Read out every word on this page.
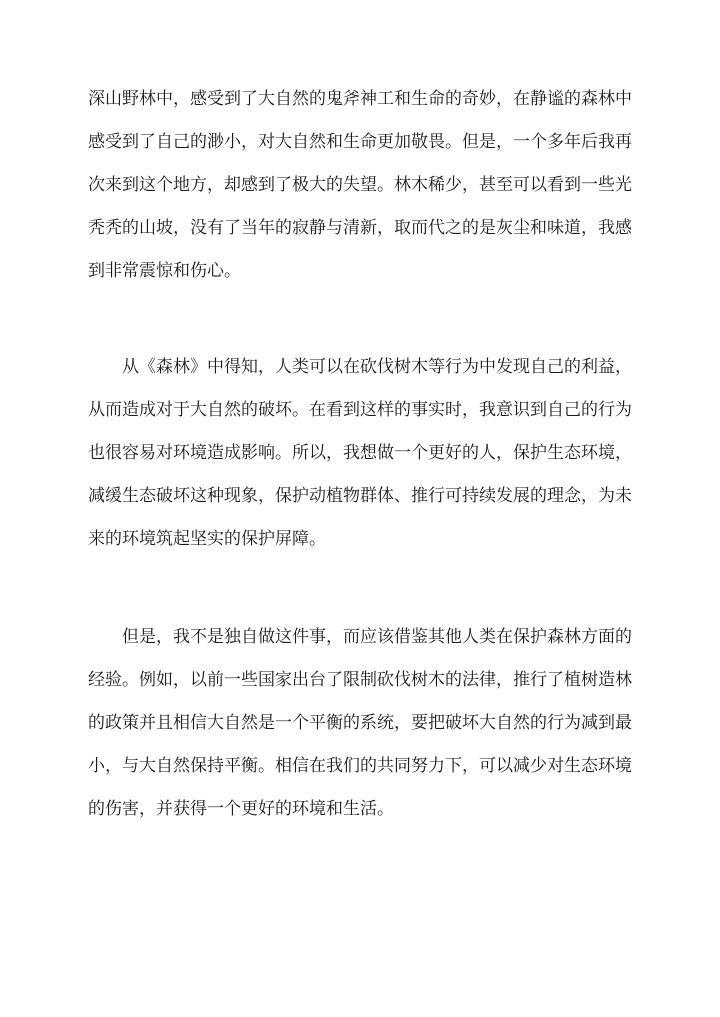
深山野林中，感受到了大自然的鬼斧神工和生命的奇妙，在静谧的森林中
感受到了自己的渺小，对大自然和生命更加敬畏。但是，一个多年后我再
次来到这个地方，却感到了极大的失望。林木稀少，甚至可以看到一些光
秃秃的山坡，没有了当年的寂静与清新，取而代之的是灰尘和味道，我感
到非常震惊和伤心。

从《森林》中得知，人类可以在砍伐树木等行为中发现自己的利益，
从而造成对于大自然的破坏。在看到这样的事实时，我意识到自己的行为
也很容易对环境造成影响。所以，我想做一个更好的人，保护生态环境，
减缓生态破坏这种现象，保护动植物群体、推行可持续发展的理念，为未
来的环境筑起坚实的保护屏障。

但是，我不是独自做这件事，而应该借鉴其他人类在保护森林方面的
经验。例如，以前一些国家出台了限制砍伐树木的法律，推行了植树造林
的政策并且相信大自然是一个平衡的系统，要把破坏大自然的行为减到最
小，与大自然保持平衡。相信在我们的共同努力下，可以减少对生态环境
的伤害，并获得一个更好的环境和生活。
